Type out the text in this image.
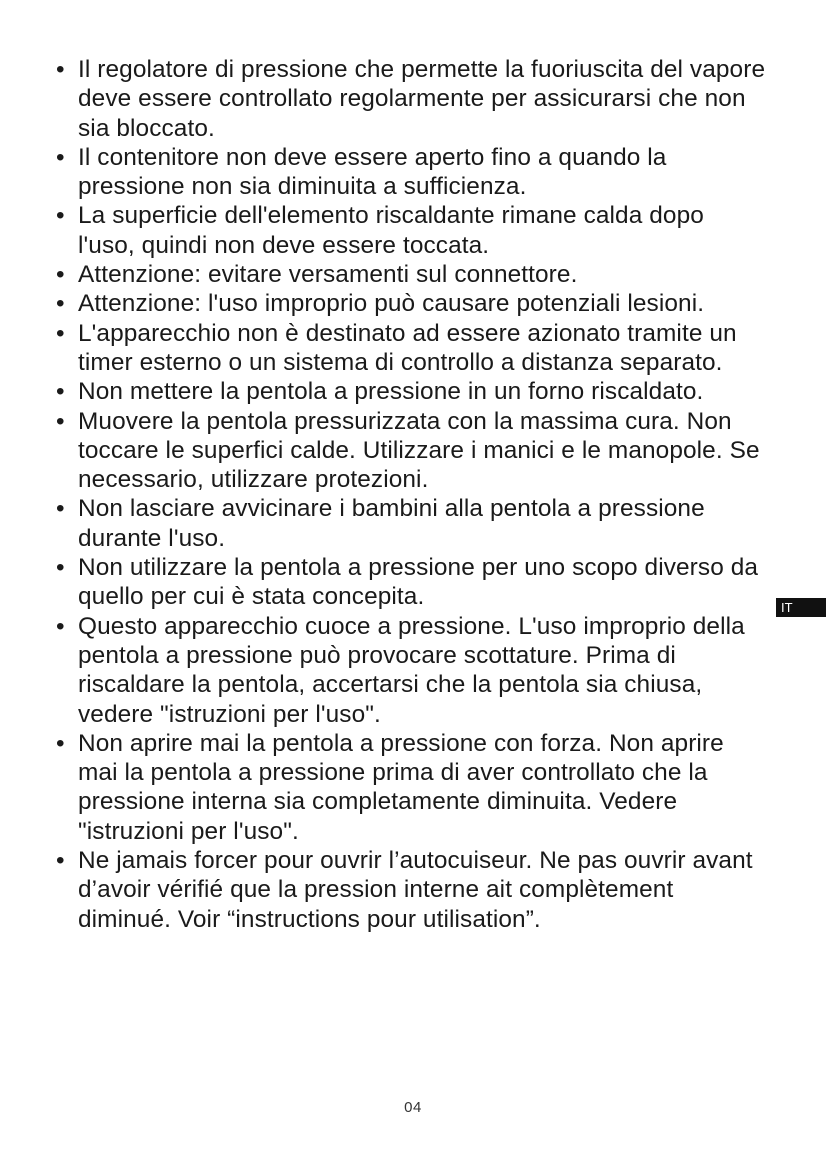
• Il regolatore di pressione che permette la fuoriuscita del vapore deve essere controllato regolarmente per assicurarsi che non sia bloccato.
• Il contenitore non deve essere aperto fino a quando la pressione non sia diminuita a sufficienza.
• La superficie dell'elemento riscaldante rimane calda dopo l'uso, quindi non deve essere toccata.
• Attenzione: evitare versamenti sul connettore.
• Attenzione: l'uso improprio può causare potenziali lesioni.
• L'apparecchio non è destinato ad essere azionato tramite un timer esterno o un sistema di controllo a distanza separato.
• Non mettere la pentola a pressione in un forno riscaldato.
• Muovere la pentola pressurizzata con la massima cura. Non toccare le superfici calde. Utilizzare i manici e le manopole. Se necessario, utilizzare protezioni.
• Non lasciare avvicinare i bambini alla pentola a pressione durante l'uso.
• Non utilizzare la pentola a pressione per uno scopo diverso da quello per cui è stata concepita.
• Questo apparecchio cuoce a pressione. L'uso improprio della pentola a pressione può provocare scottature. Prima di riscaldare la pentola, accertarsi che la pentola sia chiusa, vedere "istruzioni per l'uso".
• Non aprire mai la pentola a pressione con forza. Non aprire mai la pentola a pressione prima di aver controllato che la pressione interna sia completamente diminuita. Vedere "istruzioni per l'uso".
• Ne jamais forcer pour ouvrir l’autocuiseur. Ne pas ouvrir avant d’avoir vérifié que la pression interne ait complètement diminué. Voir “instructions pour utilisation”.
IT
04
